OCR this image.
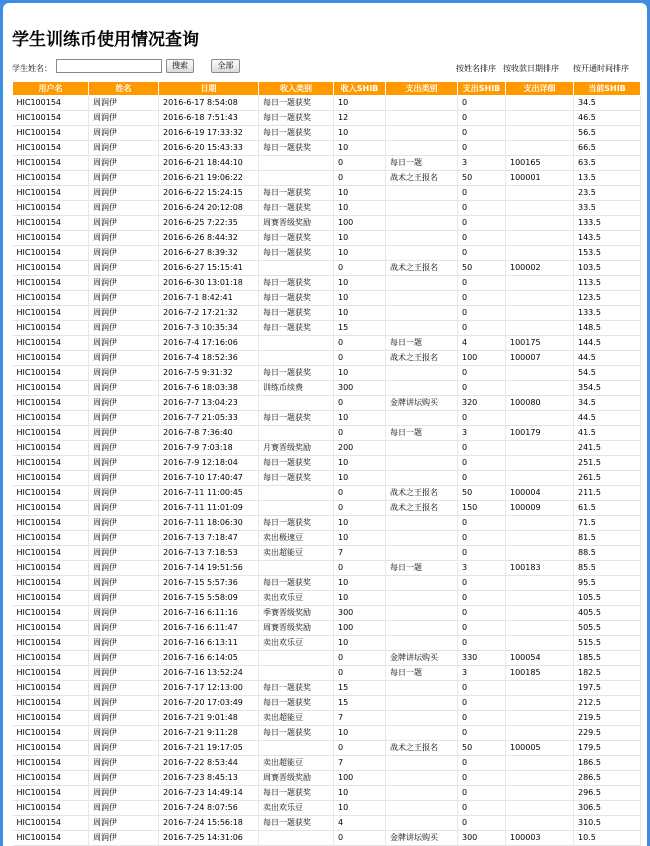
学生训练币使用情况查询
学生姓名：	搜索	全部	按姓名排序 按收款日期排序 按开通时间排序
用户名	姓名	日期	收入类别	收入SHIB	支出类别	支出SHIB	支出详细	当前SHIB
HIC100154	周润伊	2016-6-17 8:54:08	每日一题获奖	10		0		34.5
HIC100154	周润伊	2016-6-18 7:51:43	每日一题获奖	12		0		46.5
HIC100154	周润伊	2016-6-19 17:33:32	每日一题获奖	10		0		56.5
HIC100154	周润伊	2016-6-20 15:43:33	每日一题获奖	10		0		66.5
HIC100154	周润伊	2016-6-21 18:44:10		0	每日一题	3	100165	63.5
HIC100154	周润伊	2016-6-21 19:06:22		0	战术之王报名	50	100001	13.5
HIC100154	周润伊	2016-6-22 15:24:15	每日一题获奖	10		0		23.5
HIC100154	周润伊	2016-6-24 20:12:08	每日一题获奖	10		0		33.5
HIC100154	周润伊	2016-6-25 7:22:35	周赛晋级奖励	100		0		133.5
HIC100154	周润伊	2016-6-26 8:44:32	每日一题获奖	10		0		143.5
HIC100154	周润伊	2016-6-27 8:39:32	每日一题获奖	10		0		153.5
HIC100154	周润伊	2016-6-27 15:15:41		0	战术之王报名	50	100002	103.5
HIC100154	周润伊	2016-6-30 13:01:18	每日一题获奖	10		0		113.5
HIC100154	周润伊	2016-7-1 8:42:41	每日一题获奖	10		0		123.5
HIC100154	周润伊	2016-7-2 17:21:32	每日一题获奖	10		0		133.5
HIC100154	周润伊	2016-7-3 10:35:34	每日一题获奖	15		0		148.5
HIC100154	周润伊	2016-7-4 17:16:06		0	每日一题	4	100175	144.5
HIC100154	周润伊	2016-7-4 18:52:36		0	战术之王报名	100	100007	44.5
HIC100154	周润伊	2016-7-5 9:31:32	每日一题获奖	10		0		54.5
HIC100154	周润伊	2016-7-6 18:03:38	训练币续费	300		0		354.5
HIC100154	周润伊	2016-7-7 13:04:23		0	金牌讲坛购买	320	100080	34.5
HIC100154	周润伊	2016-7-7 21:05:33	每日一题获奖	10		0		44.5
HIC100154	周润伊	2016-7-8 7:36:40		0	每日一题	3	100179	41.5
HIC100154	周润伊	2016-7-9 7:03:18	月赛晋级奖励	200		0		241.5
HIC100154	周润伊	2016-7-9 12:18:04	每日一题获奖	10		0		251.5
HIC100154	周润伊	2016-7-10 17:40:47	每日一题获奖	10		0		261.5
HIC100154	周润伊	2016-7-11 11:00:45		0	战术之王报名	50	100004	211.5
HIC100154	周润伊	2016-7-11 11:01:09		0	战术之王报名	150	100009	61.5
HIC100154	周润伊	2016-7-11 18:06:30	每日一题获奖	10		0		71.5
HIC100154	周润伊	2016-7-13 7:18:47	卖出极速豆	10		0		81.5
HIC100154	周润伊	2016-7-13 7:18:53	卖出超能豆	7		0		88.5
HIC100154	周润伊	2016-7-14 19:51:56		0	每日一题	3	100183	85.5
HIC100154	周润伊	2016-7-15 5:57:36	每日一题获奖	10		0		95.5
HIC100154	周润伊	2016-7-15 5:58:09	卖出欢乐豆	10		0		105.5
HIC100154	周润伊	2016-7-16 6:11:16	季赛晋级奖励	300		0		405.5
HIC100154	周润伊	2016-7-16 6:11:47	周赛晋级奖励	100		0		505.5
HIC100154	周润伊	2016-7-16 6:13:11	卖出欢乐豆	10		0		515.5
HIC100154	周润伊	2016-7-16 6:14:05		0	金牌讲坛购买	330	100054	185.5
HIC100154	周润伊	2016-7-16 13:52:24		0	每日一题	3	100185	182.5
HIC100154	周润伊	2016-7-17 12:13:00	每日一题获奖	15		0		197.5
HIC100154	周润伊	2016-7-20 17:03:49	每日一题获奖	15		0		212.5
HIC100154	周润伊	2016-7-21 9:01:48	卖出超能豆	7		0		219.5
HIC100154	周润伊	2016-7-21 9:11:28	每日一题获奖	10		0		229.5
HIC100154	周润伊	2016-7-21 19:17:05		0	战术之王报名	50	100005	179.5
HIC100154	周润伊	2016-7-22 8:53:44	卖出超能豆	7		0		186.5
HIC100154	周润伊	2016-7-23 8:45:13	周赛晋级奖励	100		0		286.5
HIC100154	周润伊	2016-7-23 14:49:14	每日一题获奖	10		0		296.5
HIC100154	周润伊	2016-7-24 8:07:56	卖出欢乐豆	10		0		306.5
HIC100154	周润伊	2016-7-24 15:56:18	每日一题获奖	4		0		310.5
HIC100154	周润伊	2016-7-25 14:31:06		0	金牌讲坛购买	300	100003	10.5
